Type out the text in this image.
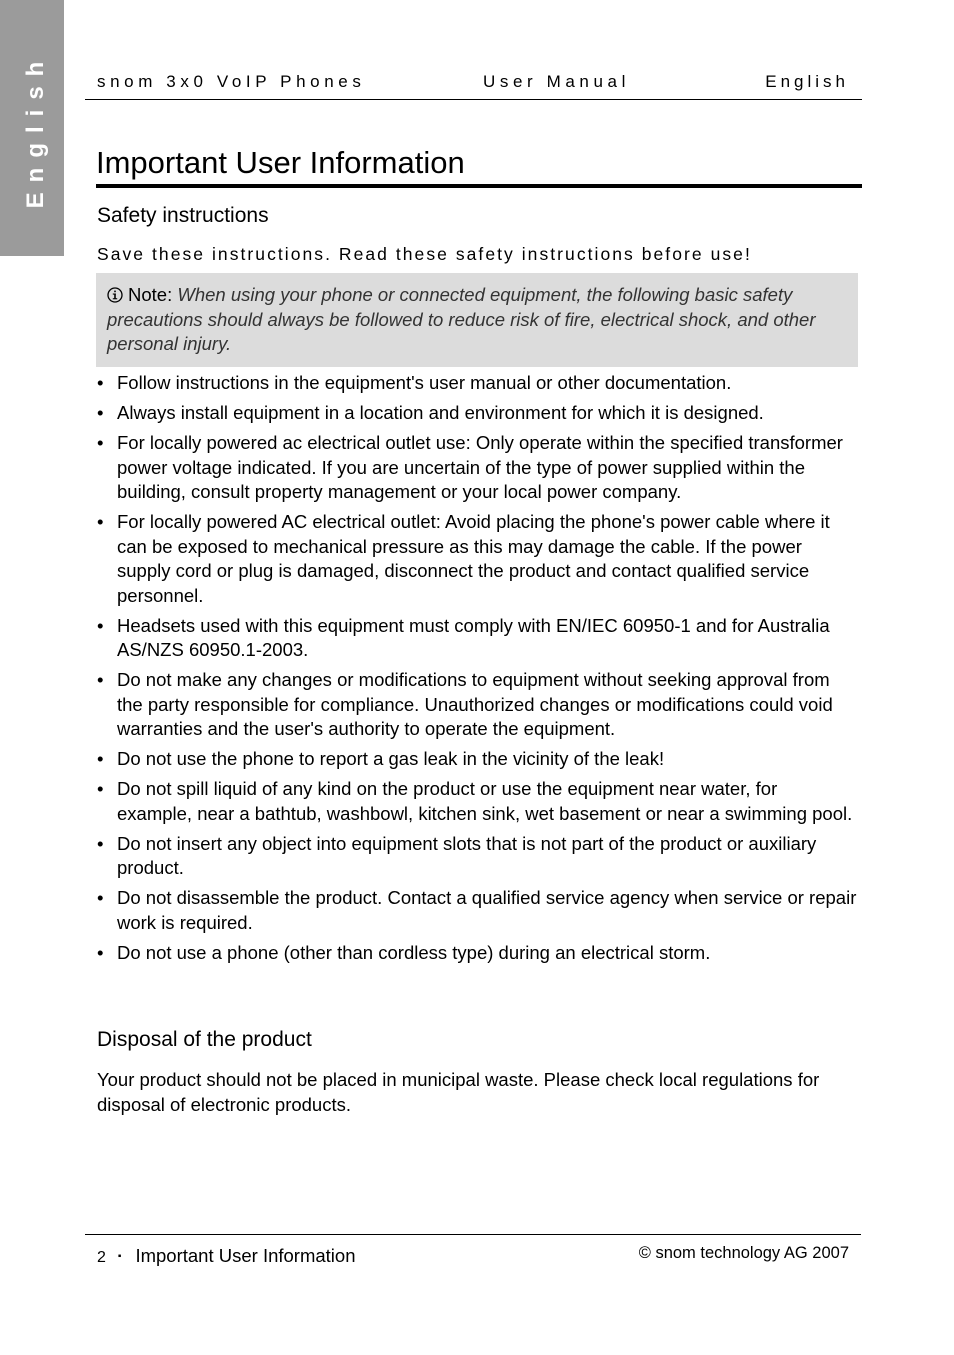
English	snom 3x0 VoIP Phones	User Manual	English
Important User Information
Safety instructions

Save these instructions. Read these safety instructions before use!

Note: When using your phone or connected equipment, the following basic safety precautions should always be followed to reduce risk of fire, electrical shock, and other personal injury.
• Follow instructions in the equipment's user manual or other documentation.
• Always install equipment in a location and environment for which it is designed.
• For locally powered ac electrical outlet use: Only operate within the specified transformer power voltage indicated. If you are uncertain of the type of power supplied within the building, consult property management or your local power company.
• For locally powered AC electrical outlet: Avoid placing the phone's power cable where it can be exposed to mechanical pressure as this may damage the cable. If the power supply cord or plug is damaged, disconnect the product and contact qualified service personnel.
• Headsets used with this equipment must comply with EN/IEC 60950-1 and for Australia AS/NZS 60950.1-2003.
• Do not make any changes or modifications to equipment without seeking approval from the party responsible for compliance. Unauthorized changes or modifications could void warranties and the user's authority to operate the equipment.
• Do not use the phone to report a gas leak in the vicinity of the leak!
• Do not spill liquid of any kind on the product or use the equipment near water, for example, near a bathtub, washbowl, kitchen sink, wet basement or near a swimming pool.
• Do not insert any object into equipment slots that is not part of the product or auxiliary product.
• Do not disassemble the product. Contact a qualified service agency when service or repair work is required.
• Do not use a phone (other than cordless type) during an electrical storm.
Disposal of the product

Your product should not be placed in municipal waste. Please check local regulations for disposal of electronic products.

2 ▪ Important User Information	© snom technology AG 2007
